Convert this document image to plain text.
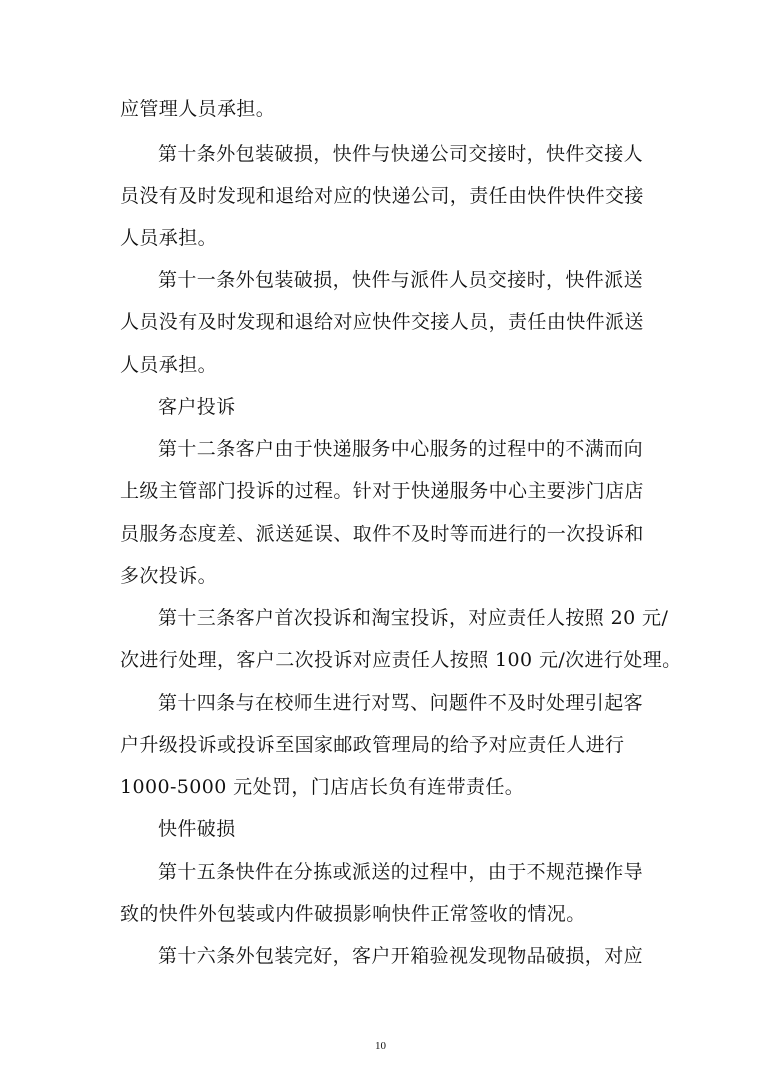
应管理人员承担。
第十条外包装破损，快件与快递公司交接时，快件交接人
员没有及时发现和退给对应的快递公司，责任由快件快件交接
人员承担。
第十一条外包装破损，快件与派件人员交接时，快件派送
人员没有及时发现和退给对应快件交接人员，责任由快件派送
人员承担。
客户投诉
第十二条客户由于快递服务中心服务的过程中的不满而向
上级主管部门投诉的过程。针对于快递服务中心主要涉门店店
员服务态度差、派送延误、取件不及时等而进行的一次投诉和
多次投诉。
第十三条客户首次投诉和淘宝投诉，对应责任人按照 20 元/
次进行处理，客户二次投诉对应责任人按照 100 元/次进行处理。
第十四条与在校师生进行对骂、问题件不及时处理引起客
户升级投诉或投诉至国家邮政管理局的给予对应责任人进行
1000-5000 元处罚，门店店长负有连带责任。
快件破损
第十五条快件在分拣或派送的过程中，由于不规范操作导
致的快件外包装或内件破损影响快件正常签收的情况。
第十六条外包装完好，客户开箱验视发现物品破损，对应
10
